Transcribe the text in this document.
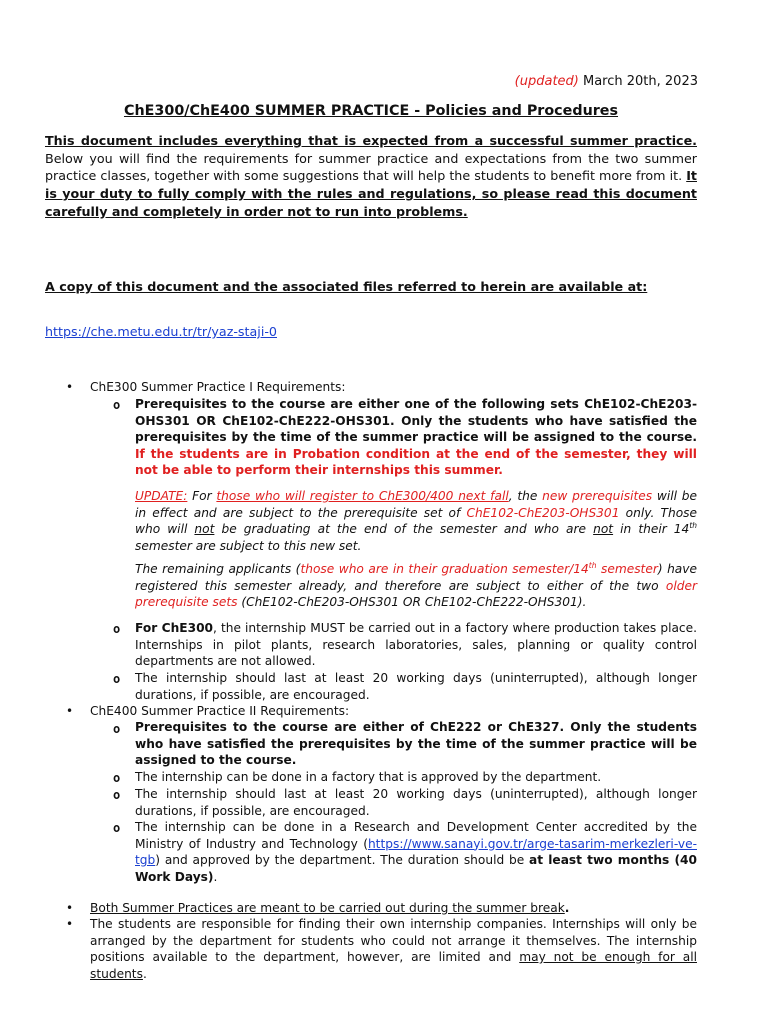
(updated) March 20th, 2023
ChE300/ChE400 SUMMER PRACTICE - Policies and Procedures
This document includes everything that is expected from a successful summer practice. Below you will find the requirements for summer practice and expectations from the two summer practice classes, together with some suggestions that will help the students to benefit more from it. It is your duty to fully comply with the rules and regulations, so please read this document carefully and completely in order not to run into problems.
A copy of this document and the associated files referred to herein are available at:
https://che.metu.edu.tr/tr/yaz-staji-0
• ChE300 Summer Practice I Requirements:
o Prerequisites to the course are either one of the following sets ChE102-ChE203-OHS301 OR ChE102-ChE222-OHS301. Only the students who have satisfied the prerequisites by the time of the summer practice will be assigned to the course. If the students are in Probation condition at the end of the semester, they will not be able to perform their internships this summer.
UPDATE: For those who will register to ChE300/400 next fall, the new prerequisites will be in effect and are subject to the prerequisite set of ChE102-ChE203-OHS301 only. Those who will not be graduating at the end of the semester and who are not in their 14th semester are subject to this new set.
The remaining applicants (those who are in their graduation semester/14th semester) have registered this semester already, and therefore are subject to either of the two older prerequisite sets (ChE102-ChE203-OHS301 OR ChE102-ChE222-OHS301).
o For ChE300, the internship MUST be carried out in a factory where production takes place. Internships in pilot plants, research laboratories, sales, planning or quality control departments are not allowed.
o The internship should last at least 20 working days (uninterrupted), although longer durations, if possible, are encouraged.
• ChE400 Summer Practice II Requirements:
o Prerequisites to the course are either of ChE222 or ChE327. Only the students who have satisfied the prerequisites by the time of the summer practice will be assigned to the course.
o The internship can be done in a factory that is approved by the department.
o The internship should last at least 20 working days (uninterrupted), although longer durations, if possible, are encouraged.
o The internship can be done in a Research and Development Center accredited by the Ministry of Industry and Technology (https://www.sanayi.gov.tr/arge-tasarim-merkezleri-ve-tgb) and approved by the department. The duration should be at least two months (40 Work Days).
• Both Summer Practices are meant to be carried out during the summer break.
• The students are responsible for finding their own internship companies. Internships will only be arranged by the department for students who could not arrange it themselves. The internship positions available to the department, however, are limited and may not be enough for all students.
